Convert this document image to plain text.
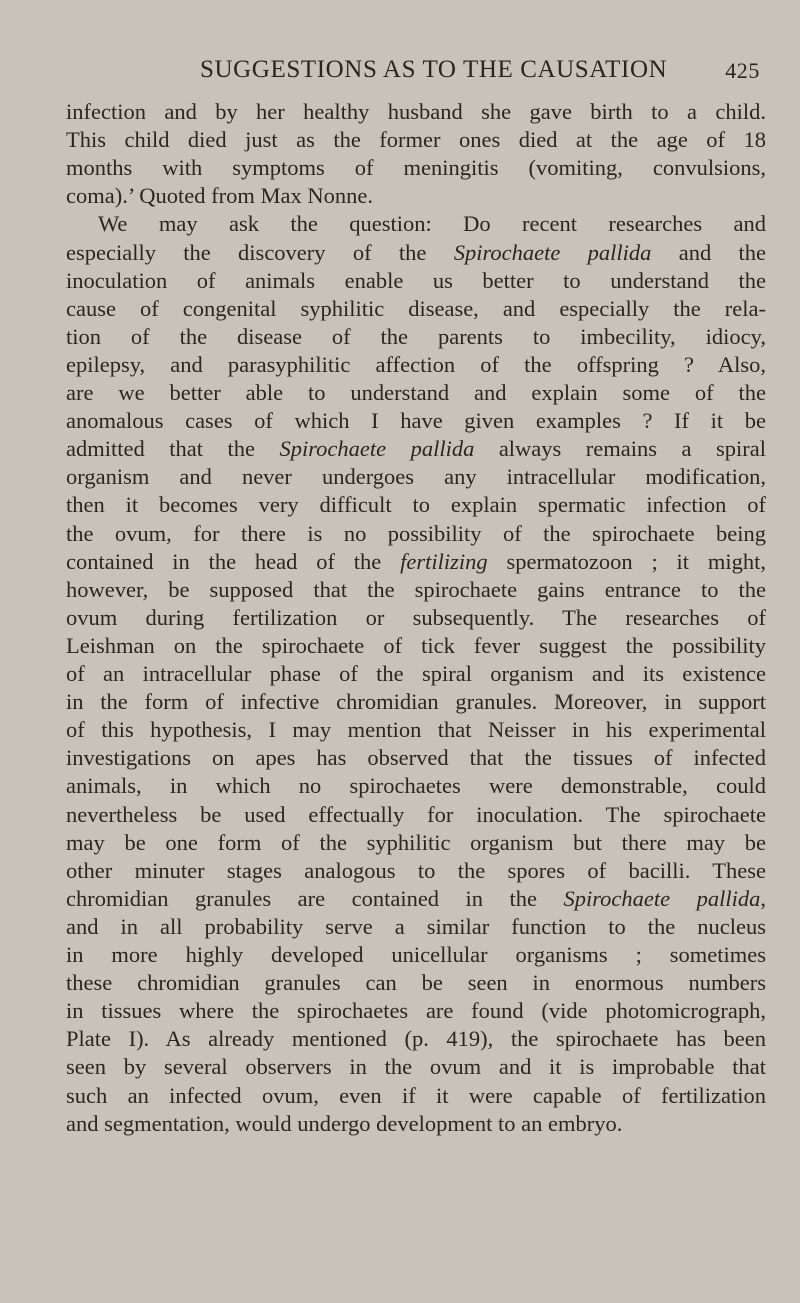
SUGGESTIONS AS TO THE CAUSATION	425
infection and by her healthy husband she gave birth to a child.
This child died just as the former ones died at the age of 18
months with symptoms of meningitis (vomiting, convulsions,
coma).’ Quoted from Max Nonne.
We may ask the question: Do recent researches and
especially the discovery of the Spirochaete pallida and the
inoculation of animals enable us better to understand the
cause of congenital syphilitic disease, and especially the rela-
tion of the disease of the parents to imbecility, idiocy,
epilepsy, and parasyphilitic affection of the offspring ? Also,
are we better able to understand and explain some of the
anomalous cases of which I have given examples ? If it be
admitted that the Spirochaete pallida always remains a spiral
organism and never undergoes any intracellular modification,
then it becomes very difficult to explain spermatic infection of
the ovum, for there is no possibility of the spirochaete being
contained in the head of the fertilizing spermatozoon ; it might,
however, be supposed that the spirochaete gains entrance to the
ovum during fertilization or subsequently. The researches of
Leishman on the spirochaete of tick fever suggest the possibility
of an intracellular phase of the spiral organism and its existence
in the form of infective chromidian granules. Moreover, in support
of this hypothesis, I may mention that Neisser in his experimental
investigations on apes has observed that the tissues of infected
animals, in which no spirochaetes were demonstrable, could
nevertheless be used effectually for inoculation. The spirochaete
may be one form of the syphilitic organism but there may be
other minuter stages analogous to the spores of bacilli. These
chromidian granules are contained in the Spirochaete pallida,
and in all probability serve a similar function to the nucleus
in more highly developed unicellular organisms ; sometimes
these chromidian granules can be seen in enormous numbers
in tissues where the spirochaetes are found (vide photomicrograph,
Plate I). As already mentioned (p. 419), the spirochaete has been
seen by several observers in the ovum and it is improbable that
such an infected ovum, even if it were capable of fertilization
and segmentation, would undergo development to an embryo.
